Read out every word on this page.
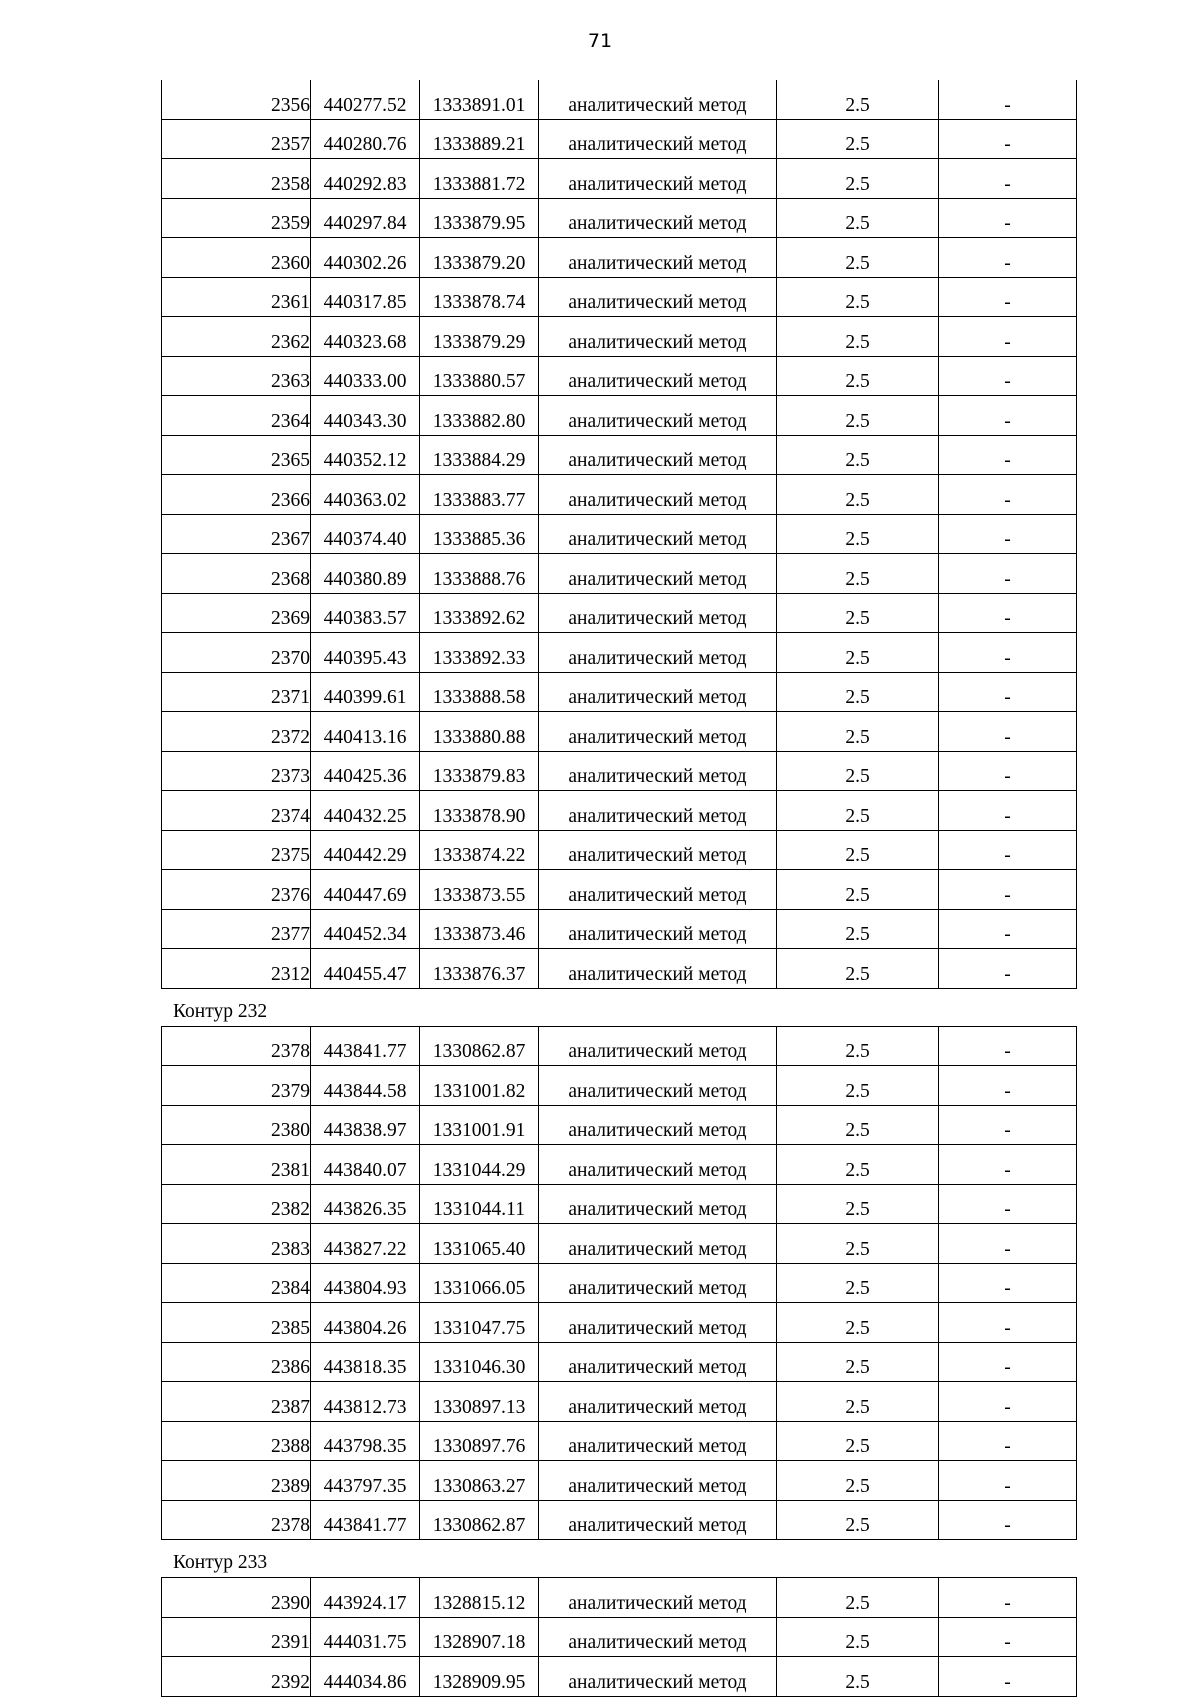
71
2356	440277.52	1333891.01	аналитический метод	2.5	-
2357	440280.76	1333889.21	аналитический метод	2.5	-
2358	440292.83	1333881.72	аналитический метод	2.5	-
2359	440297.84	1333879.95	аналитический метод	2.5	-
2360	440302.26	1333879.20	аналитический метод	2.5	-
2361	440317.85	1333878.74	аналитический метод	2.5	-
2362	440323.68	1333879.29	аналитический метод	2.5	-
2363	440333.00	1333880.57	аналитический метод	2.5	-
2364	440343.30	1333882.80	аналитический метод	2.5	-
2365	440352.12	1333884.29	аналитический метод	2.5	-
2366	440363.02	1333883.77	аналитический метод	2.5	-
2367	440374.40	1333885.36	аналитический метод	2.5	-
2368	440380.89	1333888.76	аналитический метод	2.5	-
2369	440383.57	1333892.62	аналитический метод	2.5	-
2370	440395.43	1333892.33	аналитический метод	2.5	-
2371	440399.61	1333888.58	аналитический метод	2.5	-
2372	440413.16	1333880.88	аналитический метод	2.5	-
2373	440425.36	1333879.83	аналитический метод	2.5	-
2374	440432.25	1333878.90	аналитический метод	2.5	-
2375	440442.29	1333874.22	аналитический метод	2.5	-
2376	440447.69	1333873.55	аналитический метод	2.5	-
2377	440452.34	1333873.46	аналитический метод	2.5	-
2312	440455.47	1333876.37	аналитический метод	2.5	-
Контур 232
2378	443841.77	1330862.87	аналитический метод	2.5	-
2379	443844.58	1331001.82	аналитический метод	2.5	-
2380	443838.97	1331001.91	аналитический метод	2.5	-
2381	443840.07	1331044.29	аналитический метод	2.5	-
2382	443826.35	1331044.11	аналитический метод	2.5	-
2383	443827.22	1331065.40	аналитический метод	2.5	-
2384	443804.93	1331066.05	аналитический метод	2.5	-
2385	443804.26	1331047.75	аналитический метод	2.5	-
2386	443818.35	1331046.30	аналитический метод	2.5	-
2387	443812.73	1330897.13	аналитический метод	2.5	-
2388	443798.35	1330897.76	аналитический метод	2.5	-
2389	443797.35	1330863.27	аналитический метод	2.5	-
2378	443841.77	1330862.87	аналитический метод	2.5	-
Контур 233
2390	443924.17	1328815.12	аналитический метод	2.5	-
2391	444031.75	1328907.18	аналитический метод	2.5	-
2392	444034.86	1328909.95	аналитический метод	2.5	-
